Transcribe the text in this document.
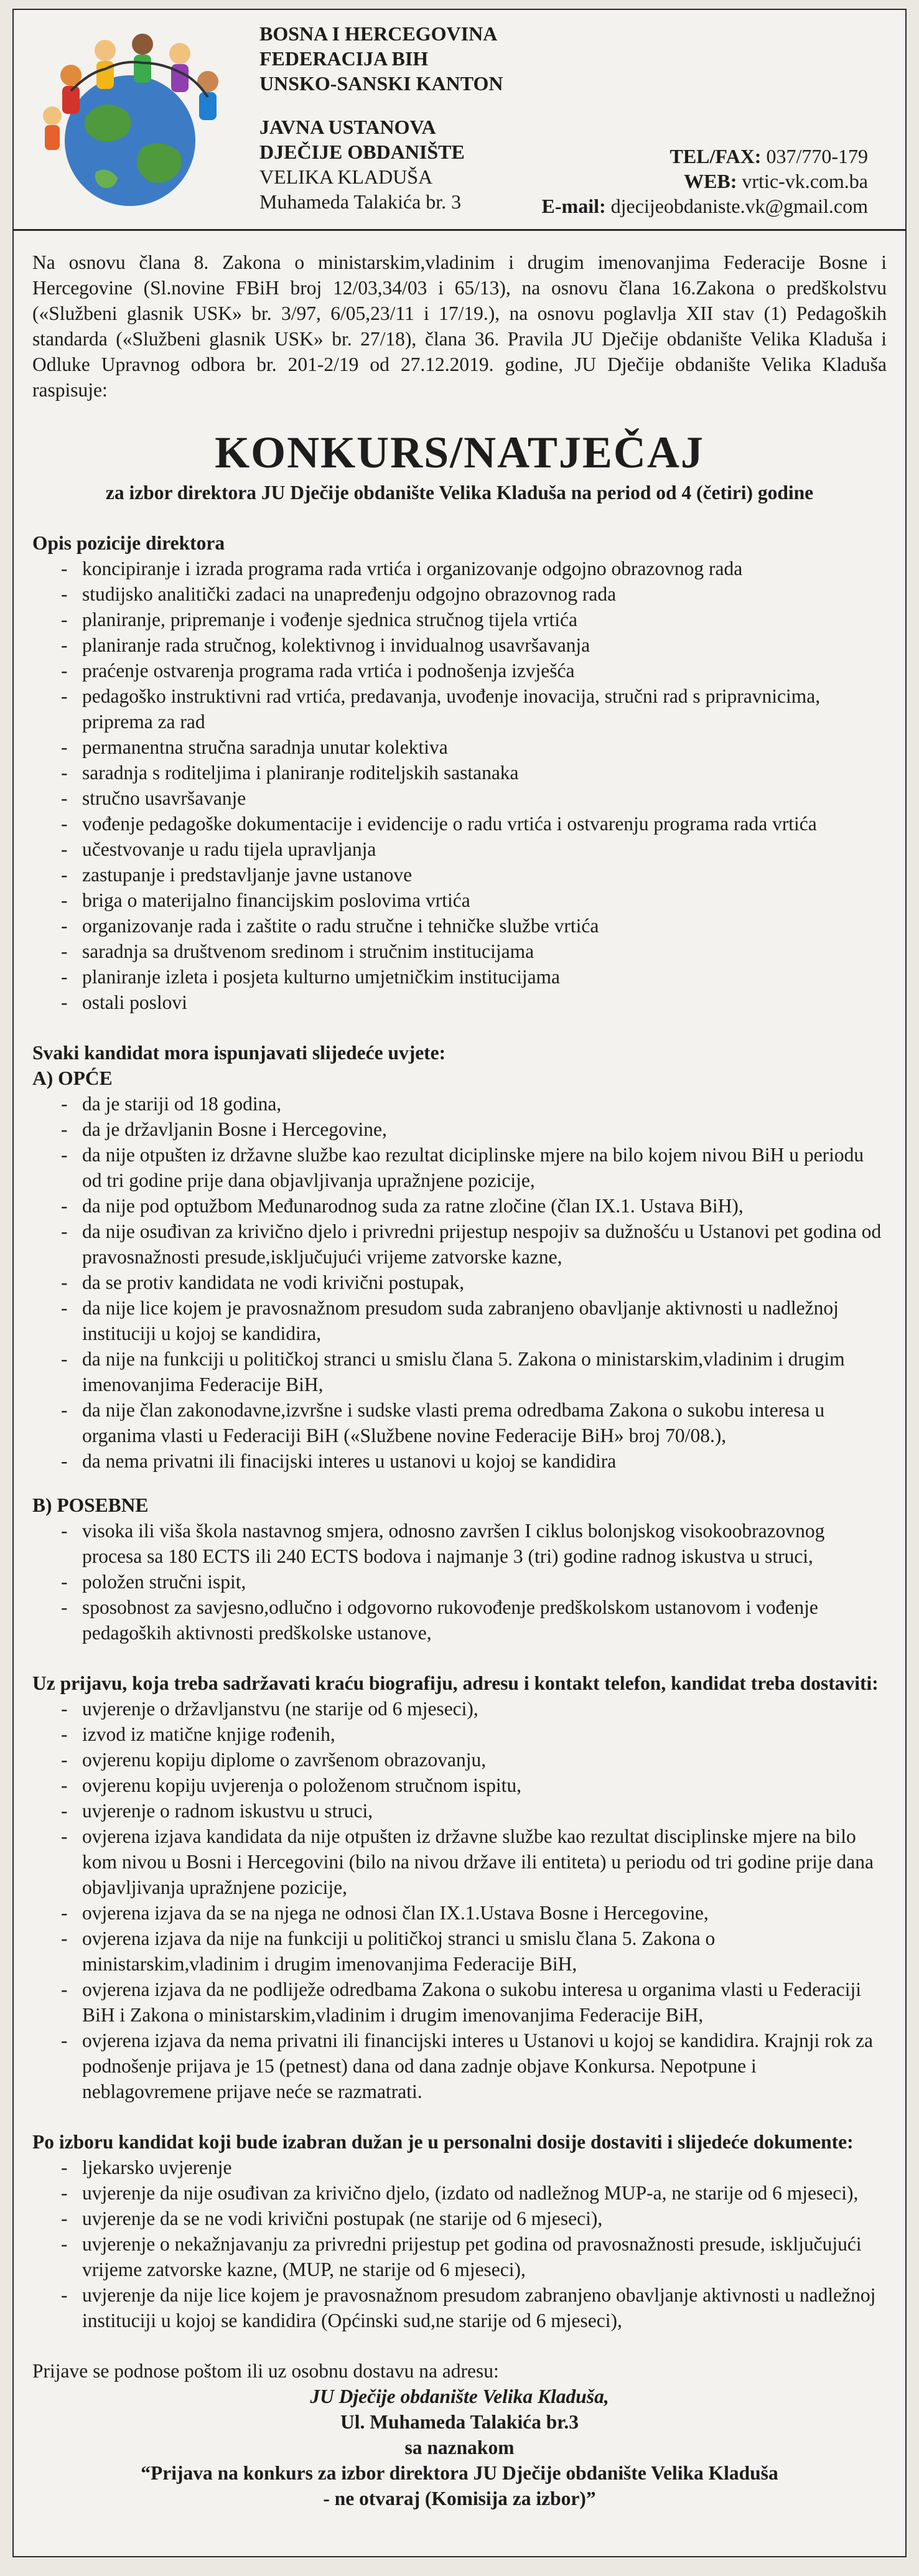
BOSNA I HERCEGOVINA
FEDERACIJA BIH
UNSKO-SANSKI KANTON
JAVNA USTANOVA
DJEČIJE OBDANIŠTE
VELIKA KLADUŠA
Muhameda Talakića br. 3
TEL/FAX: 037/770-179
WEB: vrtic-vk.com.ba
E-mail: djecijeobdaniste.vk@gmail.com

Na osnovu člana 8. Zakona o ministarskim,vladinim i drugim imenovanjima Federacije Bosne i Hercegovine (Sl.novine FBiH broj 12/03,34/03 i 65/13), na osnovu člana 16.Zakona o predškolstvu («Službeni glasnik USK» br. 3/97, 6/05,23/11 i 17/19.), na osnovu poglavlja XII stav (1) Pedagoških standarda («Službeni glasnik USK» br. 27/18), člana 36. Pravila JU Dječije obdanište Velika Kladuša i Odluke Upravnog odbora br. 201-2/19 od 27.12.2019. godine, JU Dječije obdanište Velika Kladuša raspisuje:

KONKURS/NATJEČAJ
za izbor direktora JU Dječije obdanište Velika Kladuša na period od 4 (četiri) godine
Opis pozicije direktora
- koncipiranje i izrada programa rada vrtića i organizovanje odgojno obrazovnog rada
- studijsko analitički zadaci na unapređenju odgojno obrazovnog rada
- planiranje, pripremanje i vođenje sjednica stručnog tijela vrtića
- planiranje rada stručnog, kolektivnog i invidualnog usavršavanja
- praćenje ostvarenja programa rada vrtića i podnošenja izvješća
- pedagoško instruktivni rad vrtića, predavanja, uvođenje inovacija, stručni rad s pripravnicima, priprema za rad
- permanentna stručna saradnja unutar kolektiva
- saradnja s roditeljima i planiranje roditeljskih sastanaka
- stručno usavršavanje
- vođenje pedagoške dokumentacije i evidencije o radu vrtića i ostvarenju programa rada vrtića
- učestvovanje u radu tijela upravljanja
- zastupanje i predstavljanje javne ustanove
- briga o materijalno financijskim poslovima vrtića
- organizovanje rada i zaštite o radu stručne i tehničke službe vrtića
- saradnja sa društvenom sredinom i stručnim institucijama
- planiranje izleta i posjeta kulturno umjetničkim institucijama
- ostali poslovi
Svaki kandidat mora ispunjavati slijedeće uvjete:
A) OPĆE
- da je stariji od 18 godina,
- da je državljanin Bosne i Hercegovine,
- da nije otpušten iz državne službe kao rezultat diciplinske mjere na bilo kojem nivou BiH u periodu od tri godine prije dana objavljivanja upražnjene pozicije,
- da nije pod optužbom Međunarodnog suda za ratne zločine (član IX.1. Ustava BiH),
- da nije osuđivan za krivično djelo i privredni prijestup nespojiv sa dužnošću u Ustanovi pet godina od pravosnažnosti presude,isključujući vrijeme zatvorske kazne,
- da se protiv kandidata ne vodi krivični postupak,
- da nije lice kojem je pravosnažnom presudom suda zabranjeno obavljanje aktivnosti u nadležnoj instituciji u kojoj se kandidira,
- da nije na funkciji u političkoj stranci u smislu člana 5. Zakona o ministarskim,vladinim i drugim imenovanjima Federacije BiH,
- da nije član zakonodavne,izvršne i sudske vlasti prema odredbama Zakona o sukobu interesa u organima vlasti u Federaciji BiH («Službene novine Federacije BiH» broj 70/08.),
- da nema privatni ili finacijski interes u ustanovi u kojoj se kandidira
B) POSEBNE
- visoka ili viša škola nastavnog smjera, odnosno završen I ciklus bolonjskog visokoobrazovnog procesa sa 180 ECTS ili 240 ECTS bodova i najmanje 3 (tri) godine radnog iskustva u struci,
- položen stručni ispit,
- sposobnost za savjesno,odlučno i odgovorno rukovođenje predškolskom ustanovom i vođenje pedagoških aktivnosti predškolske ustanove,
Uz prijavu, koja treba sadržavati kraću biografiju, adresu i kontakt telefon, kandidat treba dostaviti:
- uvjerenje o državljanstvu (ne starije od 6 mjeseci),
- izvod iz matične knjige rođenih,
- ovjerenu kopiju diplome o završenom obrazovanju,
- ovjerenu kopiju uvjerenja o položenom stručnom ispitu,
- uvjerenje o radnom iskustvu u struci,
- ovjerena izjava kandidata da nije otpušten iz državne službe kao rezultat disciplinske mjere na bilo kom nivou u Bosni i Hercegovini (bilo na nivou države ili entiteta) u periodu od tri godine prije dana objavljivanja upražnjene pozicije,
- ovjerena izjava da se na njega ne odnosi član IX.1.Ustava Bosne i Hercegovine,
- ovjerena izjava da nije na funkciji u političkoj stranci u smislu člana 5. Zakona o ministarskim,vladinim i drugim imenovanjima Federacije BiH,
- ovjerena izjava da ne podliježe odredbama Zakona o sukobu interesa u organima vlasti u Federaciji BiH i Zakona o ministarskim,vladinim i drugim imenovanjima Federacije BiH,
- ovjerena izjava da nema privatni ili financijski interes u Ustanovi u kojoj se kandidira. Krajnji rok za podnošenje prijava je 15 (petnest) dana od dana zadnje objave Konkursa. Nepotpune i neblagovremene prijave neće se razmatrati.
Po izboru kandidat koji bude izabran dužan je u personalni dosije dostaviti i slijedeće dokumente:
- ljekarsko uvjerenje
- uvjerenje da nije osuđivan za krivično djelo, (izdato od nadležnog MUP-a, ne starije od 6 mjeseci),
- uvjerenje da se ne vodi krivični postupak (ne starije od 6 mjeseci),
- uvjerenje o nekažnjavanju za privredni prijestup pet godina od pravosnažnosti presude, isključujući vrijeme zatvorske kazne, (MUP, ne starije od 6 mjeseci),
- uvjerenje da nije lice kojem je pravosnažnom presudom zabranjeno obavljanje aktivnosti u nadležnoj instituciji u kojoj se kandidira (Općinski sud,ne starije od 6 mjeseci),

Prijave se podnose poštom ili uz osobnu dostavu na adresu:

JU Dječije obdanište Velika Kladuša,
Ul. Muhameda Talakića br.3
sa naznakom
“Prijava na konkurs za izbor direktora JU Dječije obdanište Velika Kladuša
- ne otvaraj (Komisija za izbor)”
